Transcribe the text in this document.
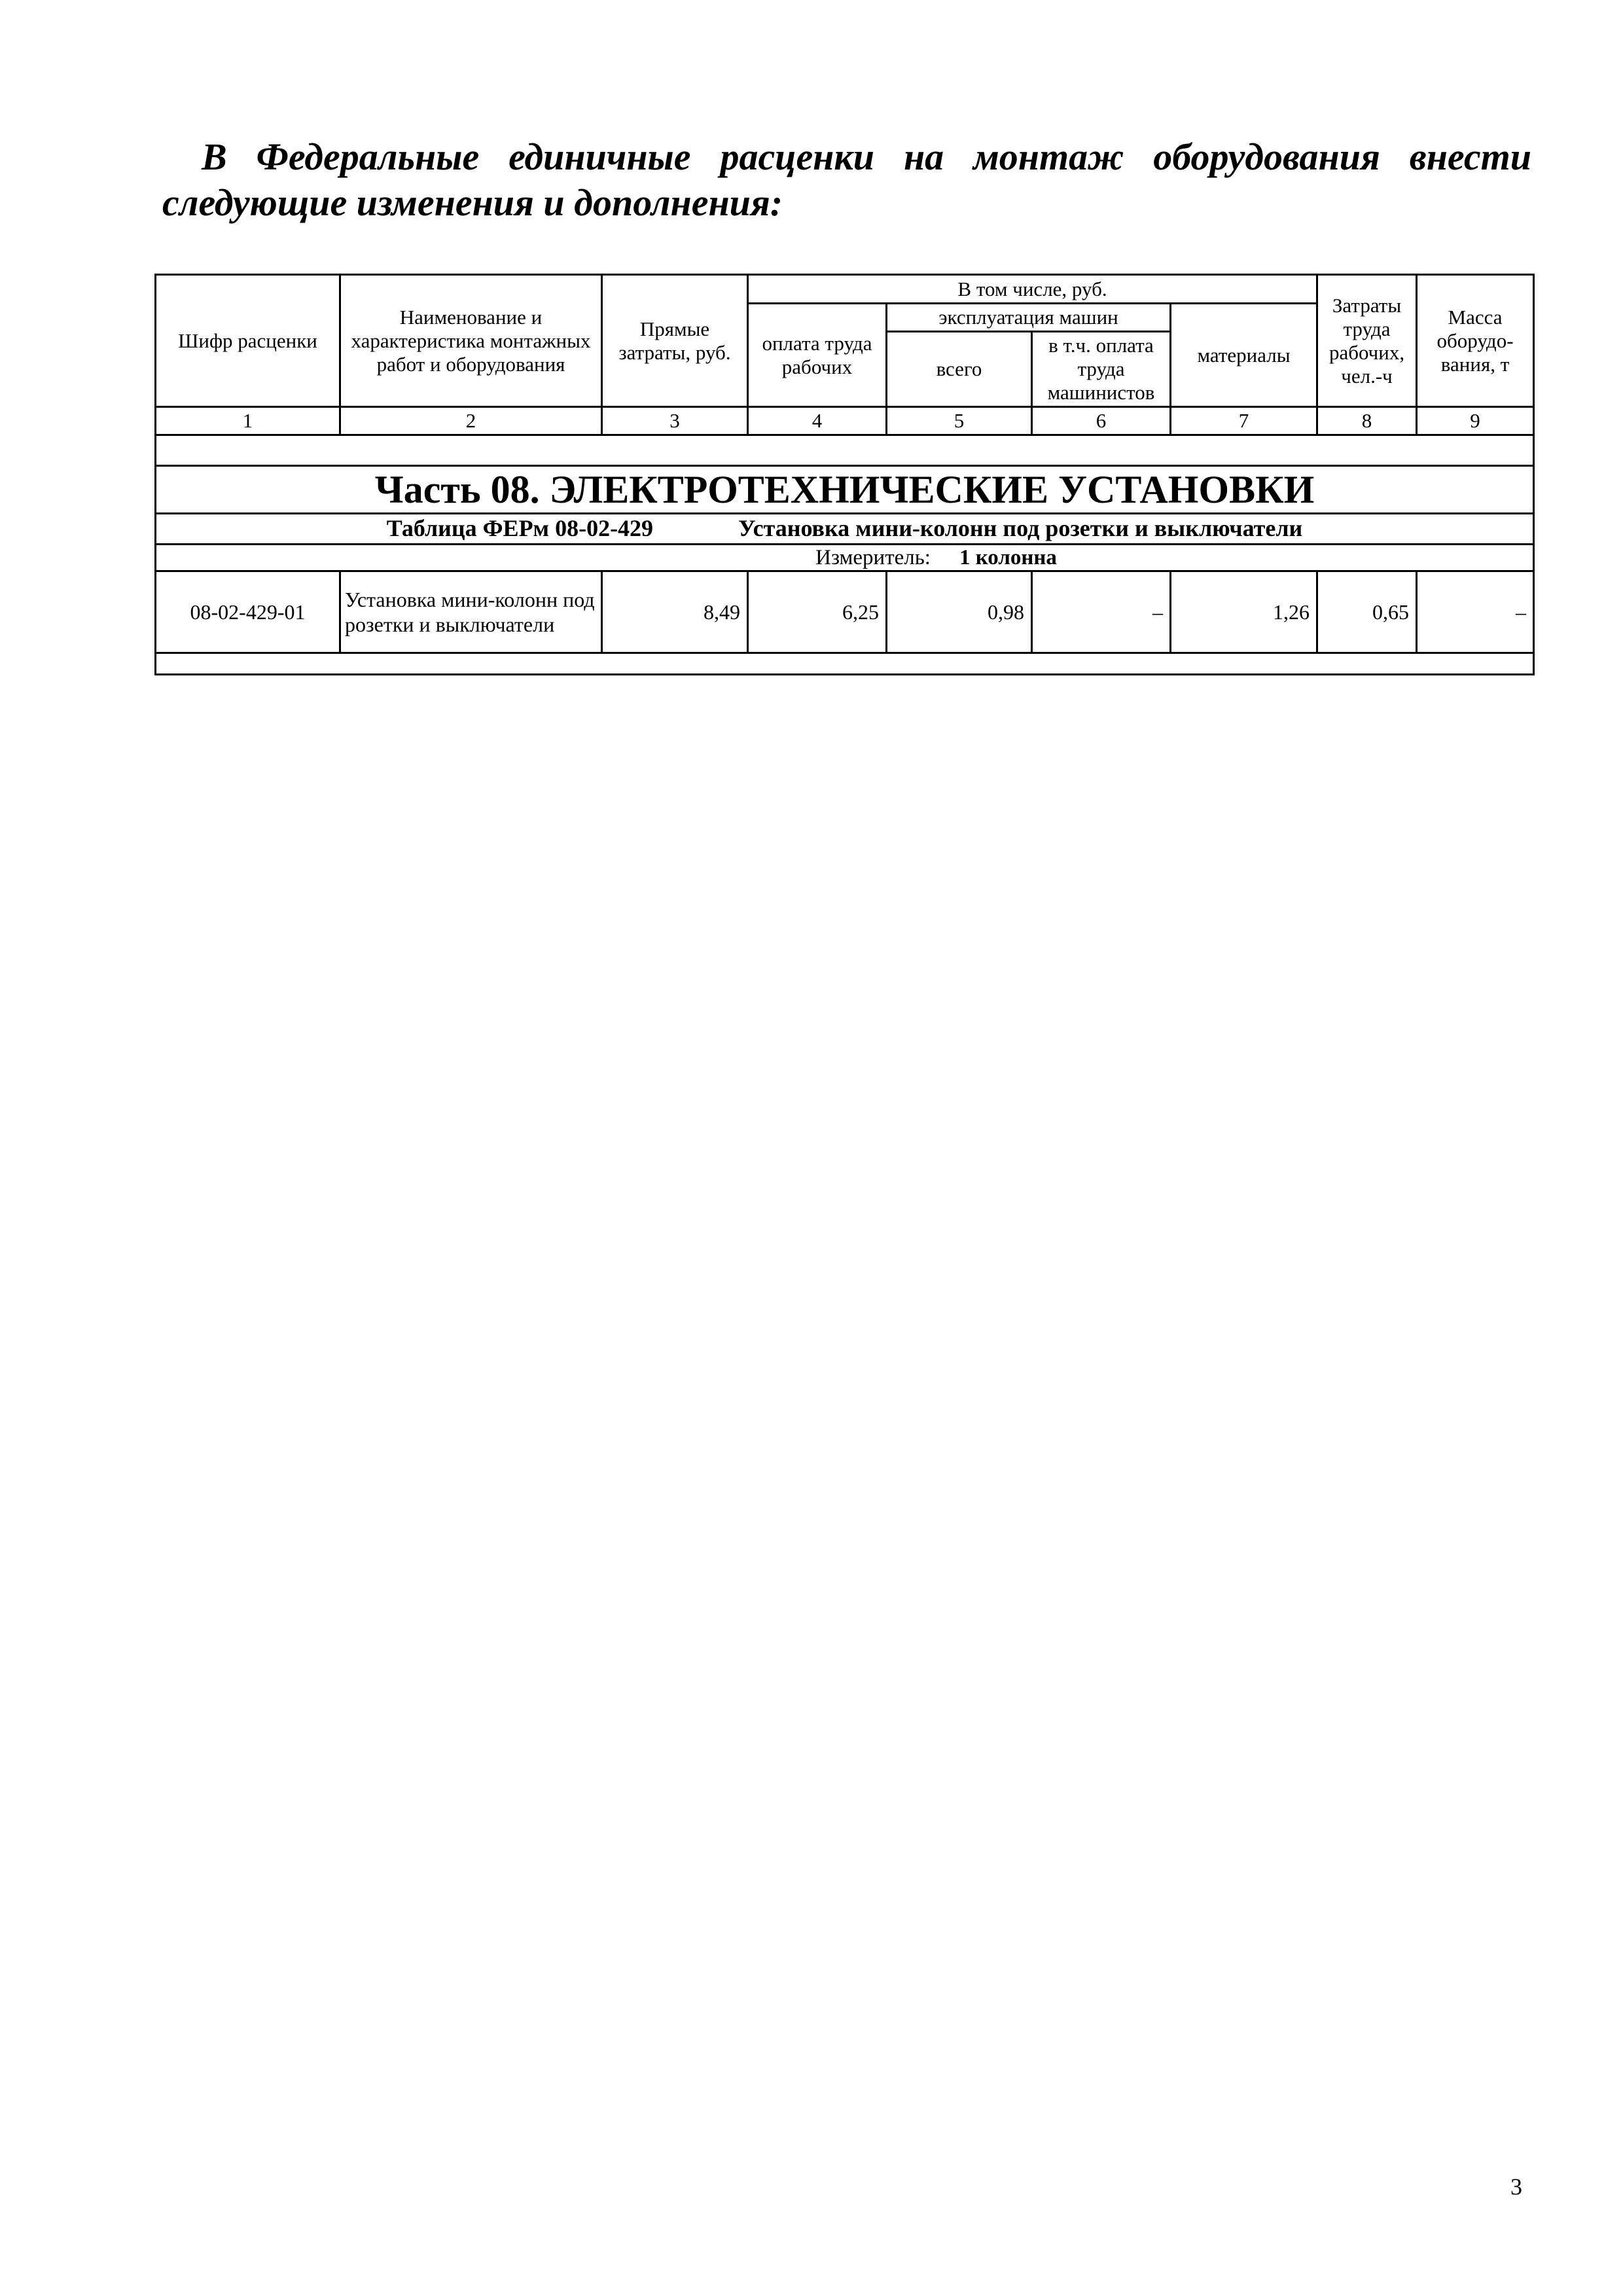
В Федеральные единичные расценки на монтаж оборудования внести следующие изменения и дополнения:

Шифр расценки	Наименование и характеристика монтажных работ и оборудования	Прямые затраты, руб.	В том числе, руб.				Затраты труда рабочих, чел.-ч	Масса оборудо-вания, т
			оплата труда рабочих	эксплуатация машин		материалы		
				всего	в т.ч. оплата труда машинистов			
1	2	3	4	5	6	7	8	9

Часть 08. ЭЛЕКТРОТЕХНИЧЕСКИЕ УСТАНОВКИ								
Таблица ФЕРм 08-02-429 Установка мини-колонн под розетки и выключатели								
Измеритель: 1 колонна								
08-02-429-01	Установка мини-колонн под розетки и выключатели	8,49	6,25	0,98	–	1,26	0,65	–

3
